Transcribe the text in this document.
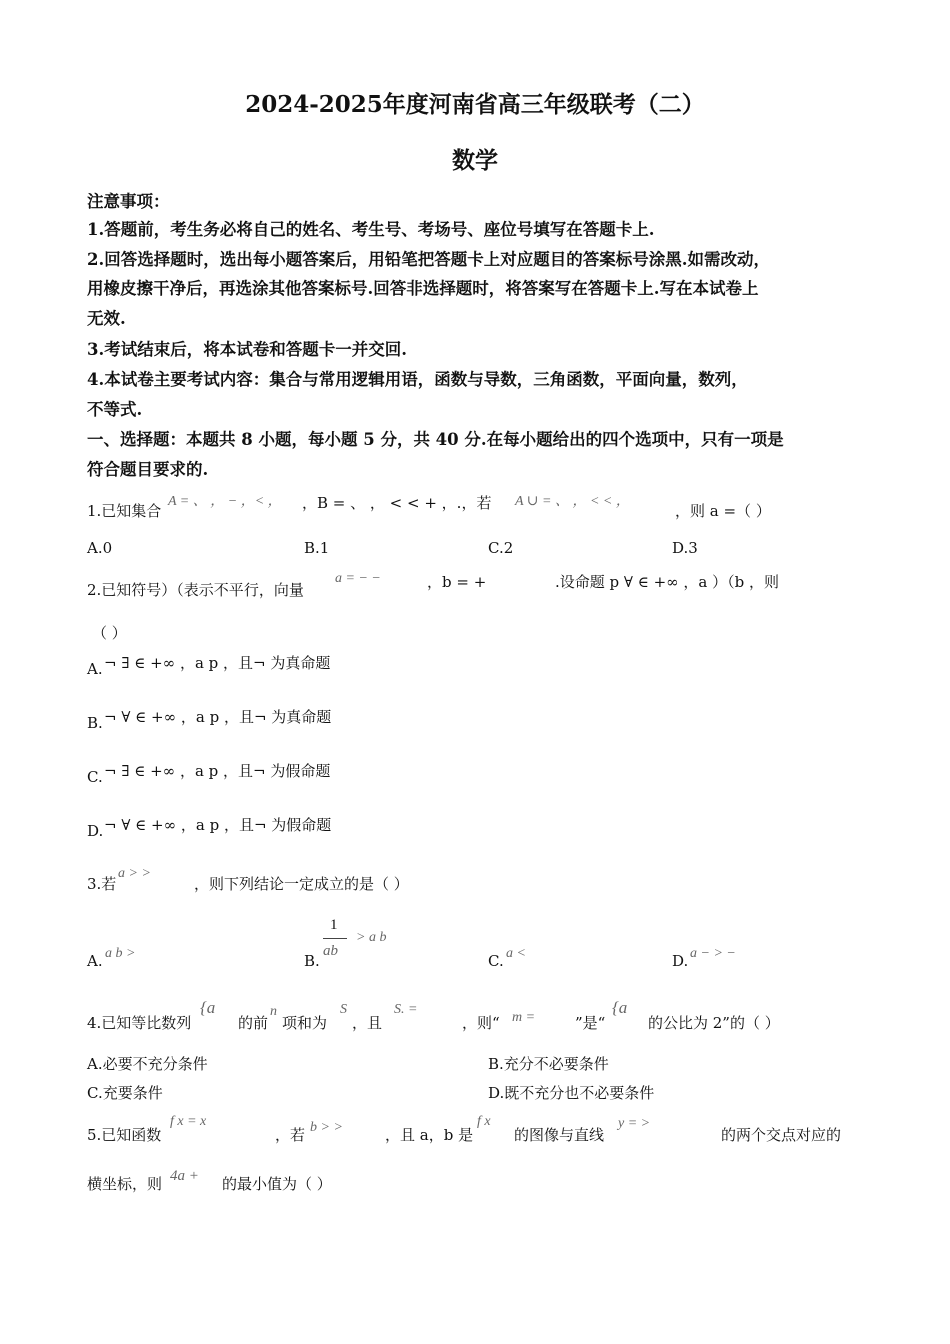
2024-2025年度河南省高三年级联考（二）
数学
注意事项：
1.答题前，考生务必将自己的姓名、考生号、考场号、座位号填写在答题卡上.
2.回答选择题时，选出每小题答案后，用铅笔把答题卡上对应题目的答案标号涂黑.如需改动，
用橡皮擦干净后，再选涂其他答案标号.回答非选择题时，将答案写在答题卡上.写在本试卷上
无效.
3.考试结束后，将本试卷和答题卡一并交回.
4.本试卷主要考试内容：集合与常用逻辑用语，函数与导数，三角函数，平面向量，数列，
不等式.
一、选择题：本题共 8 小题，每小题 5 分，共 40 分.在每小题给出的四个选项中，只有一项是
符合题目要求的.
1.已知集合
A = 、 ， − ，< ， ，B = 、 ， < < + ，.，若 A ∪ = 、 ， < < ，
，则 a =（ ）
A.0	B.1	C.2	D.3
2.已知符号）（表示不平行，向量
a = − −	，b = +	.设命题 p ∀ ∈ +∞ ，a ）（b ，则
（ ）
A. ¬ ∃ ∈ +∞ ，a p ，且¬ 为真命题
B. ¬ ∀ ∈ +∞ ，a p ，且¬ 为真命题
C. ¬ ∃ ∈ +∞ ，a p ，且¬ 为假命题
D. ¬ ∀ ∈ +∞ ，a p ，且¬ 为假命题
3.若
a > >
，则下列结论一定成立的是（ ）
A. a b >	B.
1
ab
> a b
C. a <	D. a − > −
4.已知等比数列
{a
的前
n
项和为
S
，且
S. =
，则“ m =	”是“
{a
的公比为 2”的（ ）
A.必要不充分条件	B.充分不必要条件
C.充要条件	D.既不充分也不必要条件
5.已知函数
f x = x
，若 b > >	，且 a，b 是
f x
的图像与直线
y = >
的两个交点对应的
横坐标，则 4a + 的最小值为（ ）
